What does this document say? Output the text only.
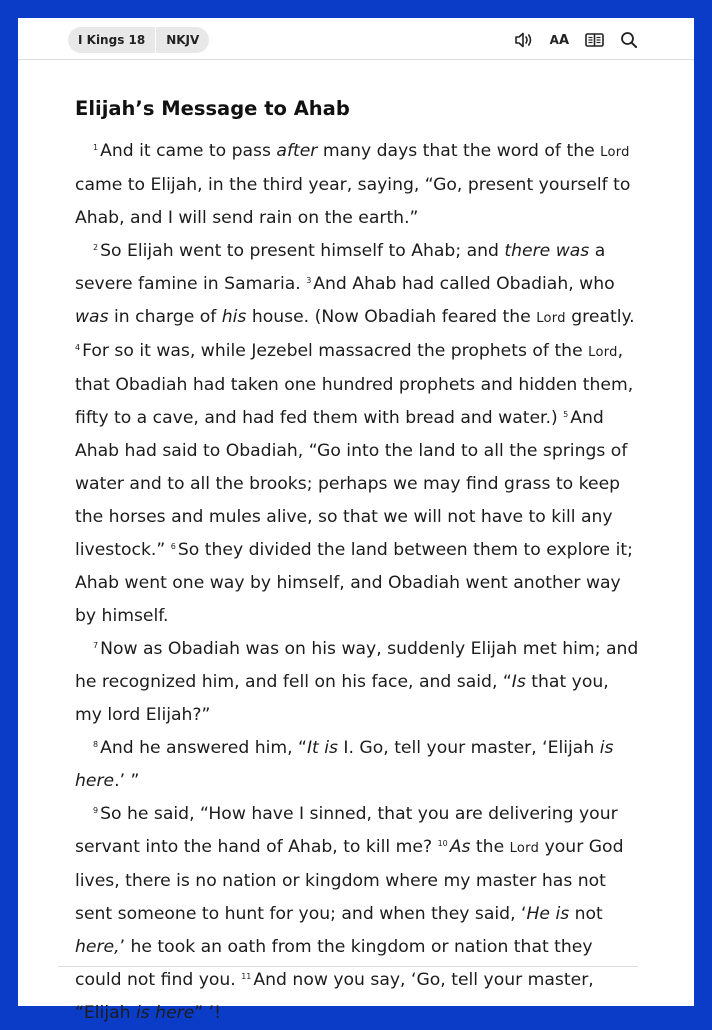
I Kings 18	NKJV	A A
Elijah’s Message to Ahab

$^1$ And it came to pass after many days that the word of the Lord came to Elijah, in the third year, saying, “Go, present yourself to Ahab, and I will send rain on the earth.”

$^2$ So Elijah went to present himself to Ahab; and there was a severe famine in Samaria. $^3$ And Ahab had called Obadiah, who was in charge of his house. (Now Obadiah feared the Lord greatly. $^4$ For so it was, while Jezebel massacred the prophets of the Lord, that Obadiah had taken one hundred prophets and hidden them, fifty to a cave, and had fed them with bread and water.) $^5$ And Ahab had said to Obadiah, “Go into the land to all the springs of water and to all the brooks; perhaps we may find grass to keep the horses and mules alive, so that we will not have to kill any livestock.” $^6$ So they divided the land between them to explore it; Ahab went one way by himself, and Obadiah went another way by himself.

$^7$ Now as Obadiah was on his way, suddenly Elijah met him; and he recognized him, and fell on his face, and said, “Is that you, my lord Elijah?”

$^8$ And he answered him, “It is I. Go, tell your master, ‘Elijah is here.’ ”

$^9$ So he said, “How have I sinned, that you are delivering your servant into the hand of Ahab, to kill me? $^{10}$ As the Lord your God lives, there is no nation or kingdom where my master has not sent someone to hunt for you; and when they said, ‘He is not here,’ he took an oath from the kingdom or nation that they could not find you. $^{11}$ And now you say, ‘Go, tell your master, “Elijah is here” ’!
